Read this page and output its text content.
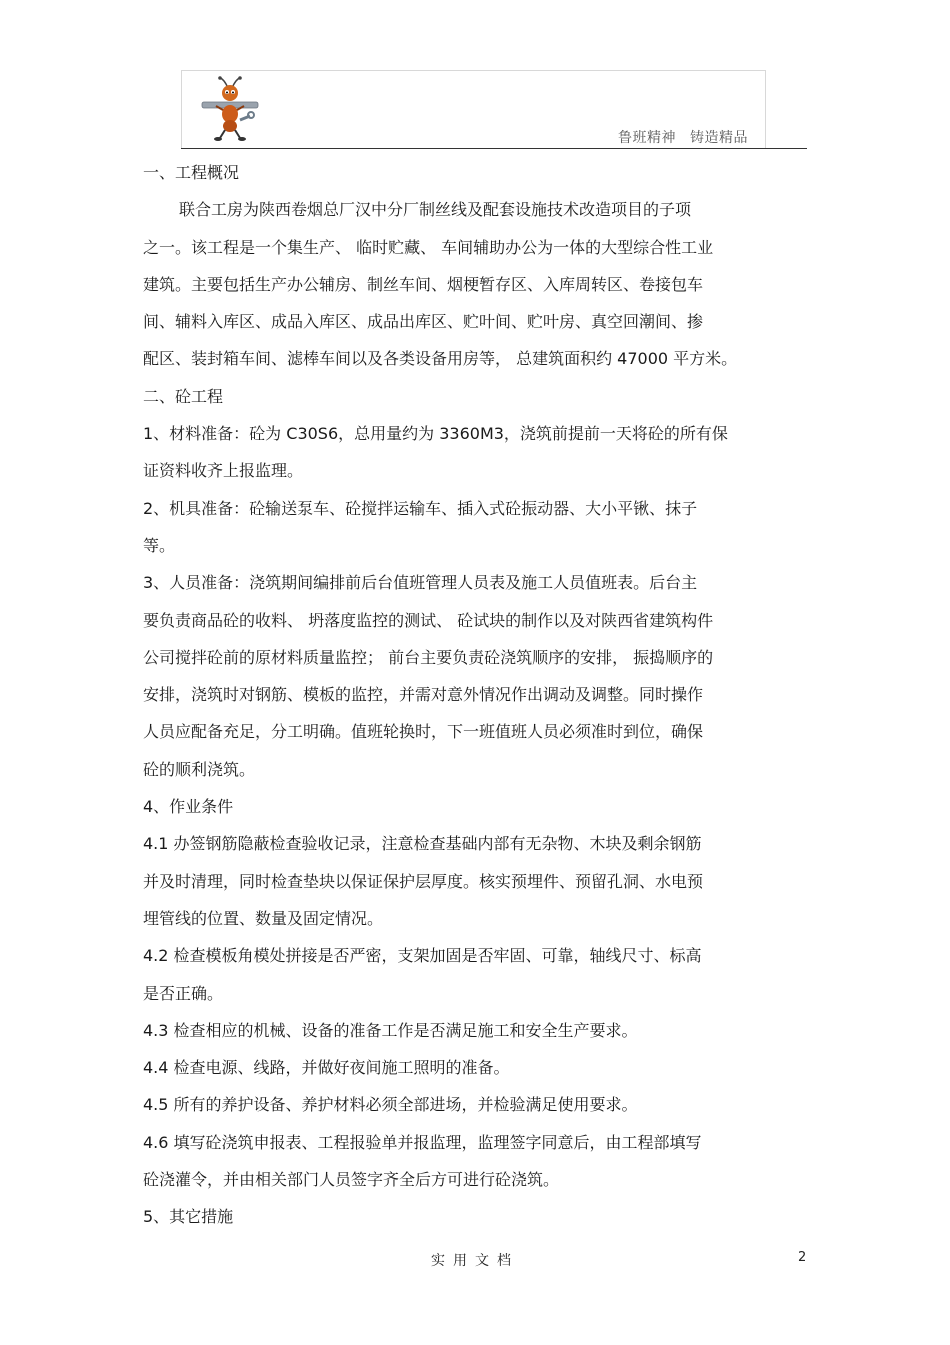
鲁班精神 铸造精品
一、工程概况
联合工房为陕西卷烟总厂汉中分厂制丝线及配套设施技术改造项目的子项
之一。该工程是一个集生产、 临时贮藏、 车间辅助办公为一体的大型综合性工业
建筑。主要包括生产办公辅房、制丝车间、烟梗暂存区、入库周转区、卷接包车
间、辅料入库区、成品入库区、成品出库区、贮叶间、贮叶房、真空回潮间、掺
配区、装封箱车间、滤棒车间以及各类设备用房等， 总建筑面积约 47000 平方米。
二、砼工程
1、材料准备：砼为 C30S6，总用量约为 3360M3，浇筑前提前一天将砼的所有保
证资料收齐上报监理。
2、机具准备：砼输送泵车、砼搅拌运输车、插入式砼振动器、大小平锹、抹子
等。
3、人员准备：浇筑期间编排前后台值班管理人员表及施工人员值班表。后台主
要负责商品砼的收料、 坍落度监控的测试、 砼试块的制作以及对陕西省建筑构件
公司搅拌砼前的原材料质量监控； 前台主要负责砼浇筑顺序的安排， 振捣顺序的
安排，浇筑时对钢筋、模板的监控，并需对意外情况作出调动及调整。同时操作
人员应配备充足，分工明确。值班轮换时，下一班值班人员必须准时到位，确保
砼的顺利浇筑。
4、作业条件
4.1 办签钢筋隐蔽检查验收记录，注意检查基础内部有无杂物、木块及剩余钢筋
并及时清理，同时检查垫块以保证保护层厚度。核实预埋件、预留孔洞、水电预
埋管线的位置、数量及固定情况。
4.2 检查模板角模处拼接是否严密，支架加固是否牢固、可靠，轴线尺寸、标高
是否正确。
4.3 检查相应的机械、设备的准备工作是否满足施工和安全生产要求。
4.4 检查电源、线路，并做好夜间施工照明的准备。
4.5 所有的养护设备、养护材料必须全部进场，并检验满足使用要求。
4.6 填写砼浇筑申报表、工程报验单并报监理，监理签字同意后，由工程部填写
砼浇灌令，并由相关部门人员签字齐全后方可进行砼浇筑。
5、其它措施
实用文档	2
